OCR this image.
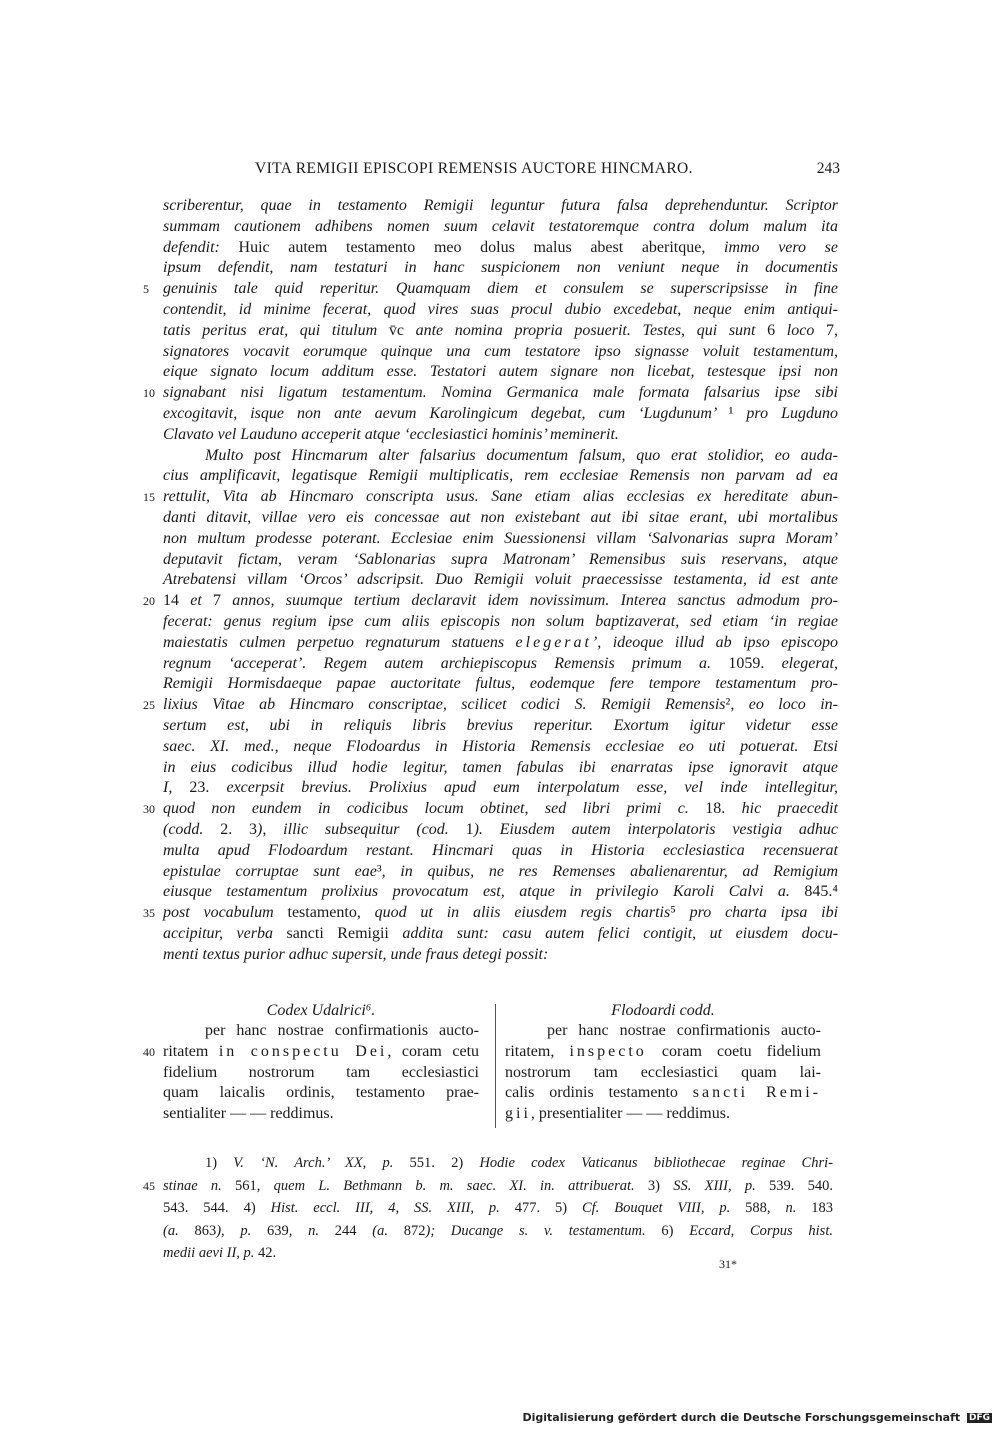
VITA REMIGII EPISCOPI REMENSIS AUCTORE HINCMARO.	243
scriberentur, quae in testamento Remigii leguntur futura falsa deprehenduntur. Scriptor
summam cautionem adhibens nomen suum celavit testatoremque contra dolum malum ita
defendit: Huic autem testamento meo dolus malus abest aberitque, immo vero se
ipsum defendit, nam testaturi in hanc suspicionem non veniunt neque in documentis
5 genuinis tale quid reperitur. Quamquam diem et consulem se superscripsisse in fine
contendit, id minime fecerat, quod vires suas procul dubio excedebat, neque enim antiqui-
tatis peritus erat, qui titulum v̄c ante nomina propria posuerit. Testes, qui sunt 6 loco 7,
signatores vocavit eorumque quinque una cum testatore ipso signasse voluit testamentum,
eique signato locum additum esse. Testatori autem signare non licebat, testesque ipsi non
10 signabant nisi ligatum testamentum. Nomina Germanica male formata falsarius ipse sibi
excogitavit, isque non ante aevum Karolingicum degebat, cum ‘Lugdunum’ ¹ pro Lugduno
Clavato vel Lauduno acceperit atque ‘ecclesiastici hominis’ meminerit.
Multo post Hincmarum alter falsarius documentum falsum, quo erat stolidior, eo auda-
cius amplificavit, legatisque Remigii multiplicatis, rem ecclesiae Remensis non parvam ad ea
15 rettulit, Vita ab Hincmaro conscripta usus. Sane etiam alias ecclesias ex hereditate abun-
danti ditavit, villae vero eis concessae aut non existebant aut ibi sitae erant, ubi mortalibus
non multum prodesse poterant. Ecclesiae enim Suessionensi villam ‘Salvonarias supra Moram’
deputavit fictam, veram ‘Sablonarias supra Matronam’ Remensibus suis reservans, atque
Atrebatensi villam ‘Orcos’ adscripsit. Duo Remigii voluit praecessisse testamenta, id est ante
20 14 et 7 annos, suumque tertium declaravit idem novissimum. Interea sanctus admodum pro-
fecerat: genus regium ipse cum aliis episcopis non solum baptizaverat, sed etiam ‘in regiae
maiestatis culmen perpetuo regnaturum statuens elegerat’, ideoque illud ab ipso episcopo
regnum ‘acceperat’. Regem autem archiepiscopus Remensis primum a. 1059. elegerat,
Remigii Hormisdaeque papae auctoritate fultus, eodemque fere tempore testamentum pro-
25 lixius Vitae ab Hincmaro conscriptae, scilicet codici S. Remigii Remensis², eo loco in-
sertum est, ubi in reliquis libris brevius reperitur. Exortum igitur videtur esse
saec. XI. med., neque Flodoardus in Historia Remensis ecclesiae eo uti potuerat. Etsi
in eius codicibus illud hodie legitur, tamen fabulas ibi enarratas ipse ignoravit atque
I, 23. excerpsit brevius. Prolixius apud eum interpolatum esse, vel inde intellegitur,
30 quod non eundem in codicibus locum obtinet, sed libri primi c. 18. hic praecedit
(codd. 2. 3), illic subsequitur (cod. 1). Eiusdem autem interpolatoris vestigia adhuc
multa apud Flodoardum restant. Hincmari quas in Historia ecclesiastica recensuerat
epistulae corruptae sunt eae³, in quibus, ne res Remenses abalienarentur, ad Remigium
eiusque testamentum prolixius provocatum est, atque in privilegio Karoli Calvi a. 845.⁴
35 post vocabulum testamento, quod ut in aliis eiusdem regis chartis⁵ pro charta ipsa ibi
accipitur, verba sancti Remigii addita sunt: casu autem felici contigit, ut eiusdem docu-
menti textus purior adhuc supersit, unde fraus detegi possit:
Codex Udalrici⁶.
per hanc nostrae confirmationis aucto-
40 ritatem in conspectu Dei, coram cetu
fidelium nostrorum tam ecclesiastici
quam laicalis ordinis, testamento prae-
sentialiter — — reddimus.
Flodoardi codd.
per hanc nostrae confirmationis aucto-
ritatem, inspecto coram coetu fidelium
nostrorum tam ecclesiastici quam lai-
calis ordinis testamento sancti Remi-
gii, presentialiter — — reddimus.
1) V. ‘N. Arch.’ XX, p. 551. 2) Hodie codex Vaticanus bibliothecae reginae Chri-
45 stinae n. 561, quem L. Bethmann b. m. saec. XI. in. attribuerat. 3) SS. XIII, p. 539. 540.
543. 544. 4) Hist. eccl. III, 4, SS. XIII, p. 477. 5) Cf. Bouquet VIII, p. 588, n. 183
(a. 863), p. 639, n. 244 (a. 872); Ducange s. v. testamentum. 6) Eccard, Corpus hist.
medii aevi II, p. 42.
31*
Digitalisierung gefördert durch die Deutsche Forschungsgemeinschaft DFG
